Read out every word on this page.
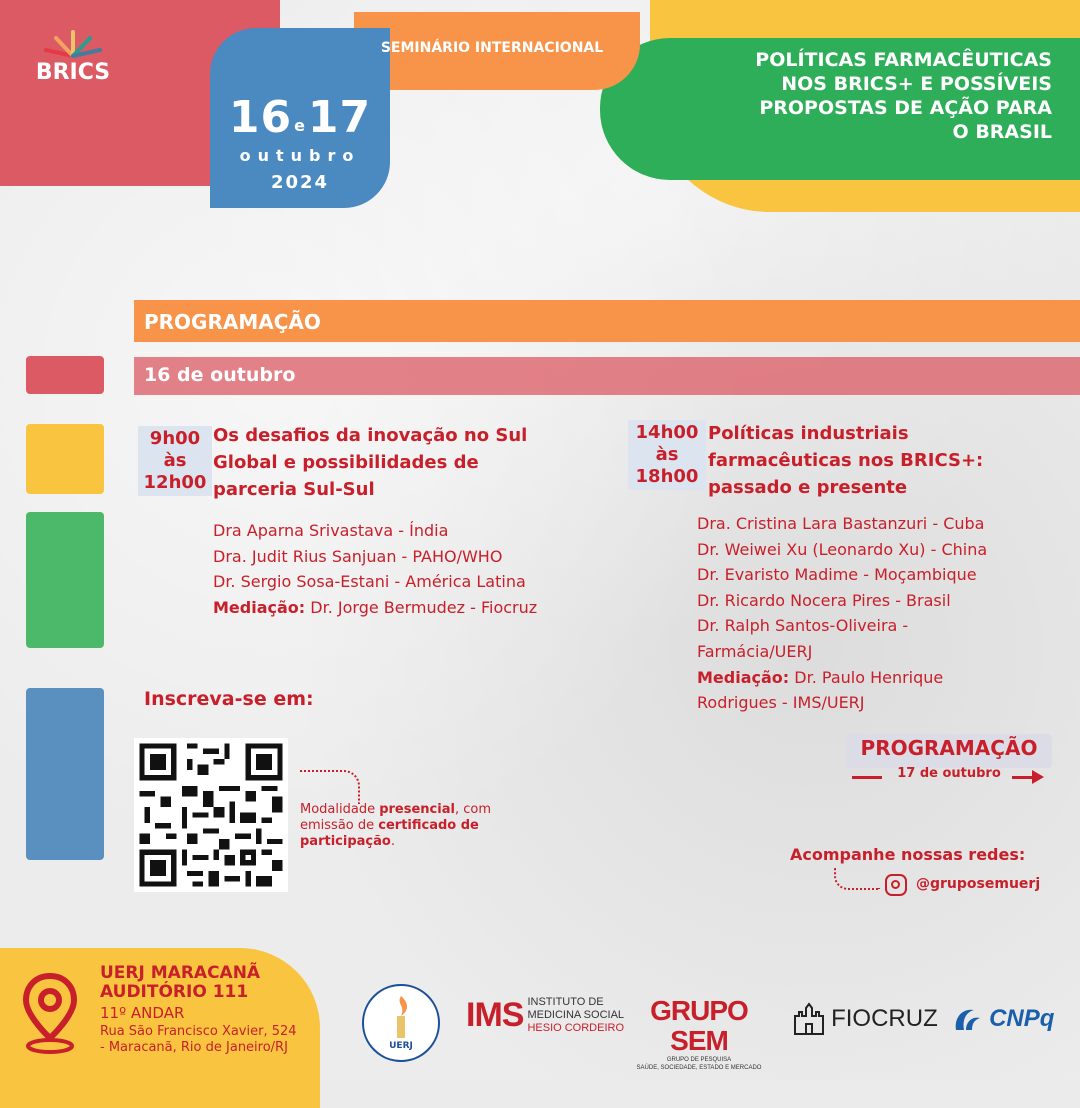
BRICS
SEMINÁRIO INTERNACIONAL
16 $^e$17
outubro
2024
POLÍTICAS FARMACÊUTICAS NOS BRICS+ E POSSÍVEIS PROPOSTAS DE AÇÃO PARA O BRASIL
PROGRAMAÇÃO
16 de outubro
9h00
às
12h00
Os desafios da inovação no Sul Global e possibilidades de parceria Sul-Sul
Dra Aparna Srivastava - Índia
Dra. Judit Rius Sanjuan - PAHO/WHO
Dr. Sergio Sosa-Estani - América Latina
Mediação: Dr. Jorge Bermudez - Fiocruz
14h00
às
18h00
Políticas industriais farmacêuticas nos BRICS+: passado e presente
Dra. Cristina Lara Bastanzuri - Cuba
Dr. Weiwei Xu (Leonardo Xu) - China
Dr. Evaristo Madime - Moçambique
Dr. Ricardo Nocera Pires - Brasil
Dr. Ralph Santos-Oliveira - Farmácia/UERJ
Mediação: Dr. Paulo Henrique Rodrigues - IMS/UERJ
Inscreva-se em:
Modalidade presencial, com emissão de certificado de participação.
PROGRAMAÇÃO
17 de outubro
Acompanhe nossas redes:
@gruposemuerj
UERJ MARACANÃ
AUDITÓRIO 111
11º ANDAR
Rua São Francisco Xavier, 524 - Maracanã, Rio de Janeiro/RJ	UERJ
IMS INSTITUTO DE
MEDICINA SOCIAL
HESIO CORDEIRO
GRUPO SEM
GRUPO DE PESQUISA
SAÚDE, SOCIEDADE, ESTADO E MERCADO
FIOCRUZ	CNPq
